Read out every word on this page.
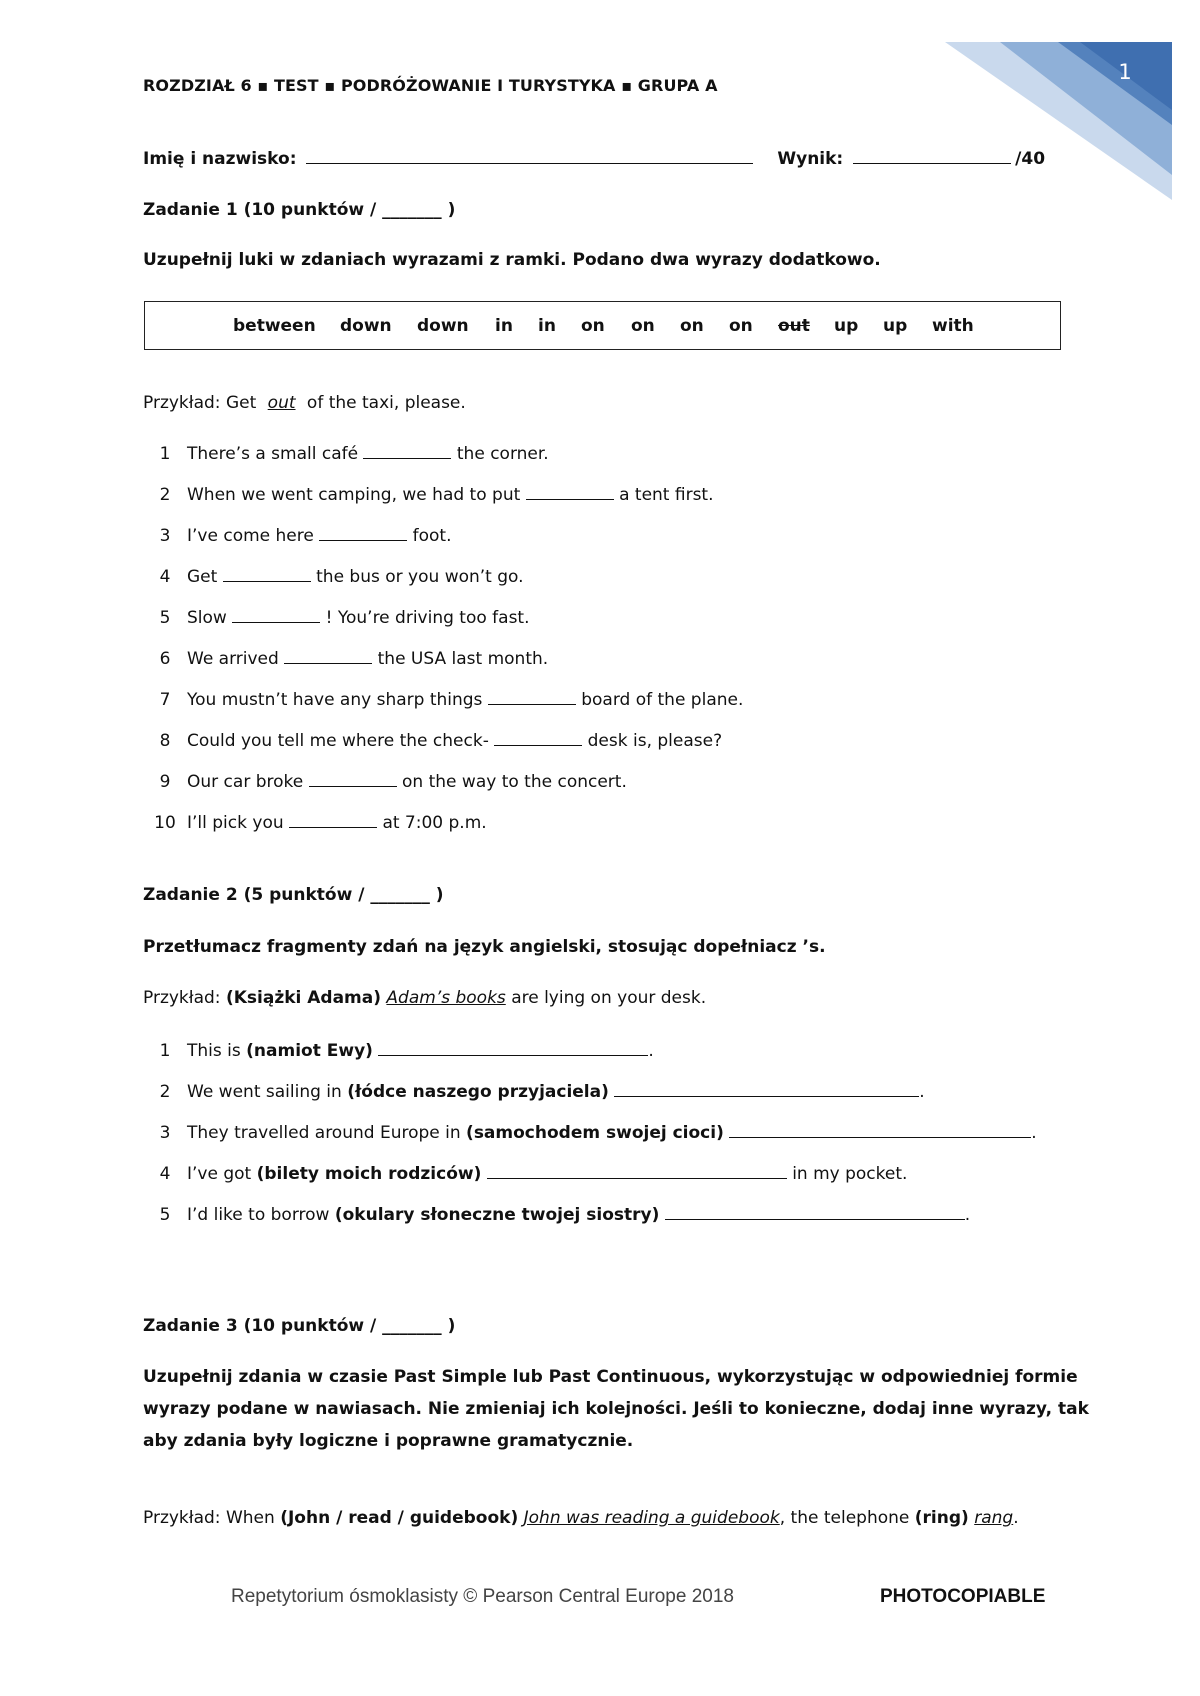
1
ROZDZIAŁ 6 ▪ TEST ▪ PODRÓŻOWANIE I TURYSTYKA ▪ GRUPA A
Imię i nazwisko:	Wynik:	/40
Zadanie 1 (10 punktów / _______ )
Uzupełnij luki w zdaniach wyrazami z ramki. Podano dwa wyrazy dodatkowo.
between down down in in on on on on out up up with
Przykład: Get out of the taxi, please.
1 There’s a small café	the corner.
2 When we went camping, we had to put	a tent first.
3 I’ve come here	foot.
4 Get	the bus or you won’t go.
5 Slow	! You’re driving too fast.
6 We arrived	the USA last month.
7 You mustn’t have any sharp things	board of the plane.
8 Could you tell me where the check-	desk is, please?
9 Our car broke	on the way to the concert.
10 I’ll pick you	at 7:00 p.m.
Zadanie 2 (5 punktów / _______ )
Przetłumacz fragmenty zdań na język angielski, stosując dopełniacz ’s.
Przykład: (Książki Adama) Adam’s books are lying on your desk.
1 This is (namiot Ewy)	.
2 We went sailing in (łódce naszego przyjaciela)	.
3 They travelled around Europe in (samochodem swojej cioci)	.
4 I’ve got (bilety moich rodziców)	in my pocket.
5 I’d like to borrow (okulary słoneczne twojej siostry)	.
Zadanie 3 (10 punktów / _______ )
Uzupełnij zdania w czasie Past Simple lub Past Continuous, wykorzystując w odpowiedniej formie
wyrazy podane w nawiasach. Nie zmieniaj ich kolejności. Jeśli to konieczne, dodaj inne wyrazy, tak
aby zdania były logiczne i poprawne gramatycznie.
Przykład: When (John / read / guidebook) John was reading a guidebook, the telephone (ring) rang.
Repetytorium ósmoklasisty © Pearson Central Europe 2018	PHOTOCOPIABLE
